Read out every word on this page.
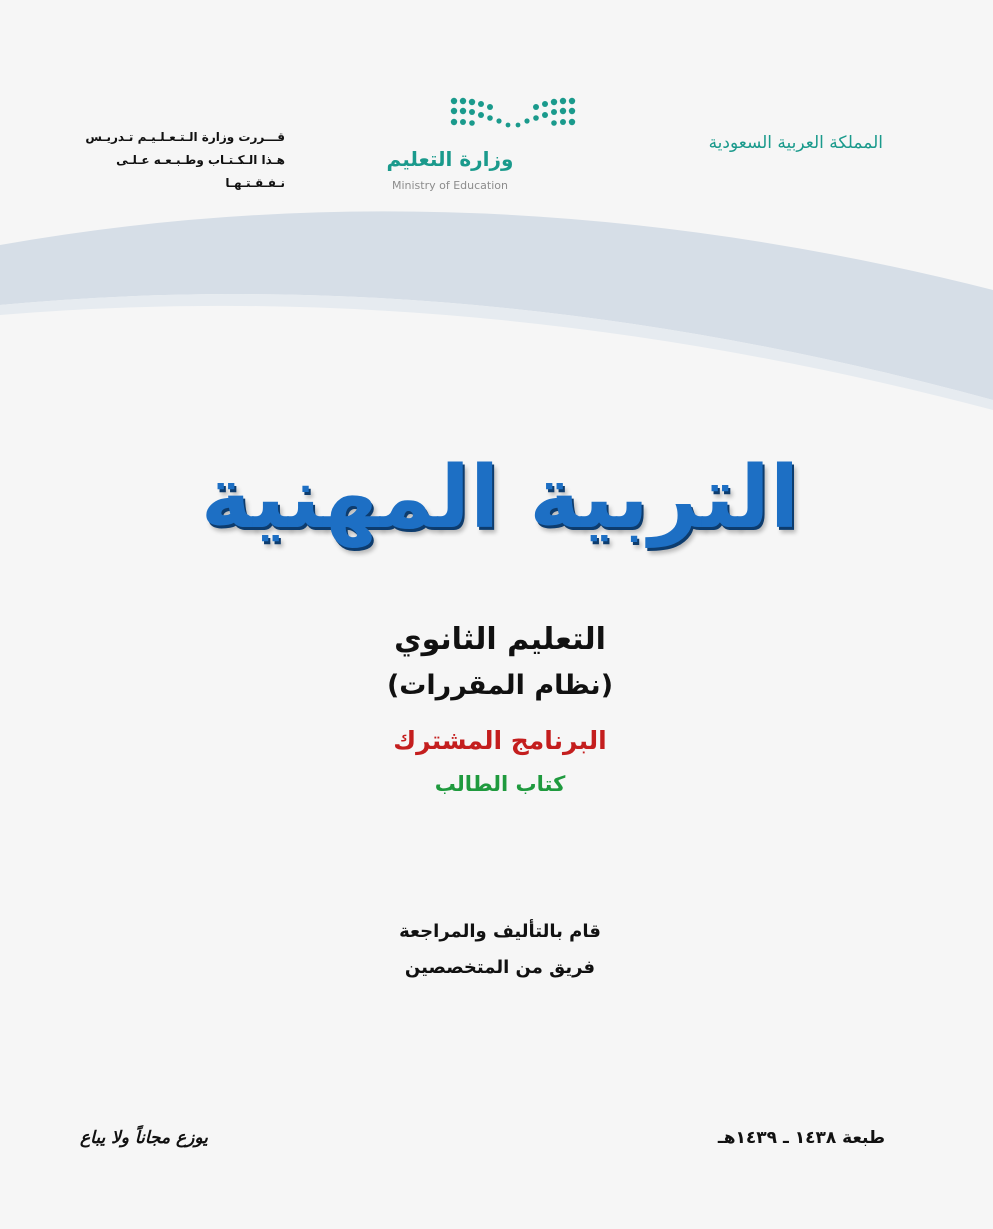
المملكة العربية السعودية
وزارة التعليم
Ministry of Education
قـــررت وزارة الـتـعـلـيـم تـدريـس
هـذا الـكـتـاب وطـبـعـه عـلـى نـفـقـتـهـا
التربية المهنية
التعليم الثانوي
(نظام المقررات)
البرنامج المشترك
كتاب الطالب
قام بالتأليف والمراجعة
فريق من المتخصصين
طبعة ١٤٣٨ ـ ١٤٣٩هـ
يوزع مجاناً ولا يباع
